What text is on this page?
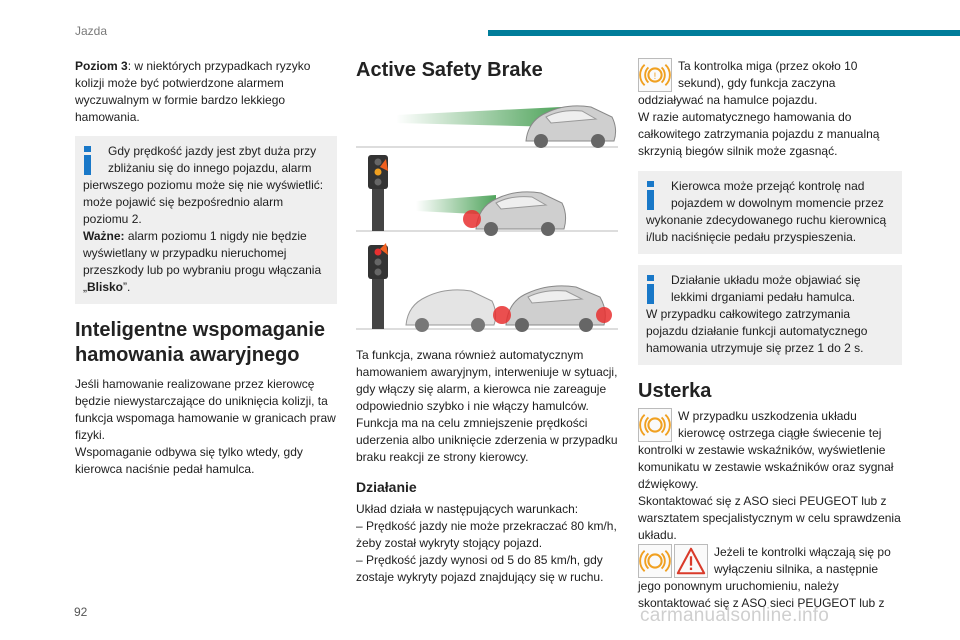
Jazda

Poziom 3: w niektórych przypadkach ryzyko kolizji może być potwierdzone alarmem wyczuwalnym w formie bardzo lekkiego hamowania.

Gdy prędkość jazdy jest zbyt duża przy zbliżaniu się do innego pojazdu, alarm
pierwszego poziomu może się nie wyświetlić: może pojawić się bezpośrednio alarm poziomu 2.
Ważne: alarm poziomu 1 nigdy nie będzie wyświetlany w przypadku nieruchomej przeszkody lub po wybraniu progu włączania „Blisko”.
Inteligentne wspomaganie hamowania awaryjnego

Jeśli hamowanie realizowane przez kierowcę będzie niewystarczające do uniknięcia kolizji, ta funkcja wspomaga hamowanie w granicach praw fizyki.

Wspomaganie odbywa się tylko wtedy, gdy kierowca naciśnie pedał hamulca.

Active Safety Brake

Ta funkcja, zwana również automatycznym hamowaniem awaryjnym, interweniuje w sytuacji, gdy włączy się alarm, a kierowca nie zareaguje odpowiednio szybko i nie włączy hamulców.

Funkcja ma na celu zmniejszenie prędkości uderzenia albo uniknięcie zderzenia w przypadku braku reakcji ze strony kierowcy.

Działanie

Układ działa w następujących warunkach:

– Prędkość jazdy nie może przekraczać 80 km/h, żeby został wykryty stojący pojazd.

– Prędkość jazdy wynosi od 5 do 85 km/h, gdy zostaje wykryty pojazd znajdujący się w ruchu.

!

Ta kontrolka miga (przez około 10 sekund), gdy funkcja zaczyna

oddziaływać na hamulce pojazdu.

W razie automatycznego hamowania do całkowitego zatrzymania pojazdu z manualną skrzynią biegów silnik może zgasnąć.

Kierowca może przejąć kontrolę nad pojazdem w dowolnym momencie przez
wykonanie zdecydowanego ruchu kierownicą i/lub naciśnięcie pedału przyspieszenia.
Działanie układu może objawiać się lekkimi drganiami pedału hamulca.
W przypadku całkowitego zatrzymania pojazdu działanie funkcji automatycznego hamowania utrzymuje się przez 1 do 2 s.
Usterka

W przypadku uszkodzenia układu kierowcę ostrzega ciągłe świecenie tej

kontrolki w zestawie wskaźników, wyświetlenie komunikatu w zestawie wskaźników oraz sygnał dźwiękowy.

Skontaktować się z ASO sieci PEUGEOT lub z warsztatem specjalistycznym w celu sprawdzenia układu.

Jeżeli te kontrolki włączają się po wyłączeniu silnika, a następnie

jego ponownym uruchomieniu, należy skontaktować się z ASO sieci PEUGEOT lub z

92	carmanualsonline.info
